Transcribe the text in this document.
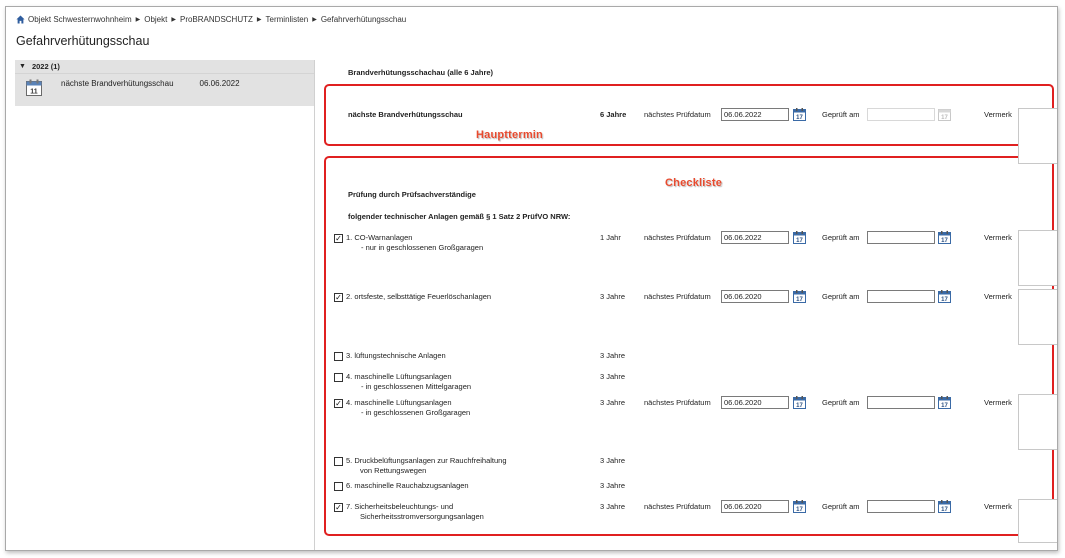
Objekt Schwesternwohnheim ▶ Objekt ▶ ProBRANDSCHUTZ ▶ Terminlisten ▶ Gefahrverhütungsschau
Gefahrverhütungsschau
▼ 2022 (1)
11
nächste Brandverhütungsschau	06.06.2022
Brandverhütungsschachau (alle 6 Jahre)
Haupttermin
Checkliste
nächste Brandverhütungsschau	6 Jahre nächstes Prüfdatum	06.06.2022	Geprüft am	Vermerk
Prüfung durch Prüfsachverständige
folgender technischer Anlagen gemäß § 1 Satz 2 PrüfVO NRW:
✓ 1. CO-Warnanlagen
- nur in geschlossenen Großgaragen
1 Jahr	nächstes Prüfdatum	06.06.2022	Geprüft am	Vermerk
✓ 2. ortsfeste, selbsttätige Feuerlöschanlagen	3 Jahre	nächstes Prüfdatum	06.06.2020	Geprüft am	Vermerk
3. lüftungstechnische Anlagen	3 Jahre
4. maschinelle Lüftungsanlagen
- in geschlossenen Mittelgaragen
3 Jahre
✓ 4. maschinelle Lüftungsanlagen
- in geschlossenen Großgaragen
3 Jahre	nächstes Prüfdatum	06.06.2020	Geprüft am	Vermerk
5. Druckbelüftungsanlagen zur Rauchfreihaltung
von Rettungswegen
3 Jahre
6. maschinelle Rauchabzugsanlagen	3 Jahre
✓ 7. Sicherheitsbeleuchtungs- und
Sicherheitsstromversorgungsanlagen
3 Jahre	nächstes Prüfdatum	06.06.2020	Geprüft am	Vermerk
